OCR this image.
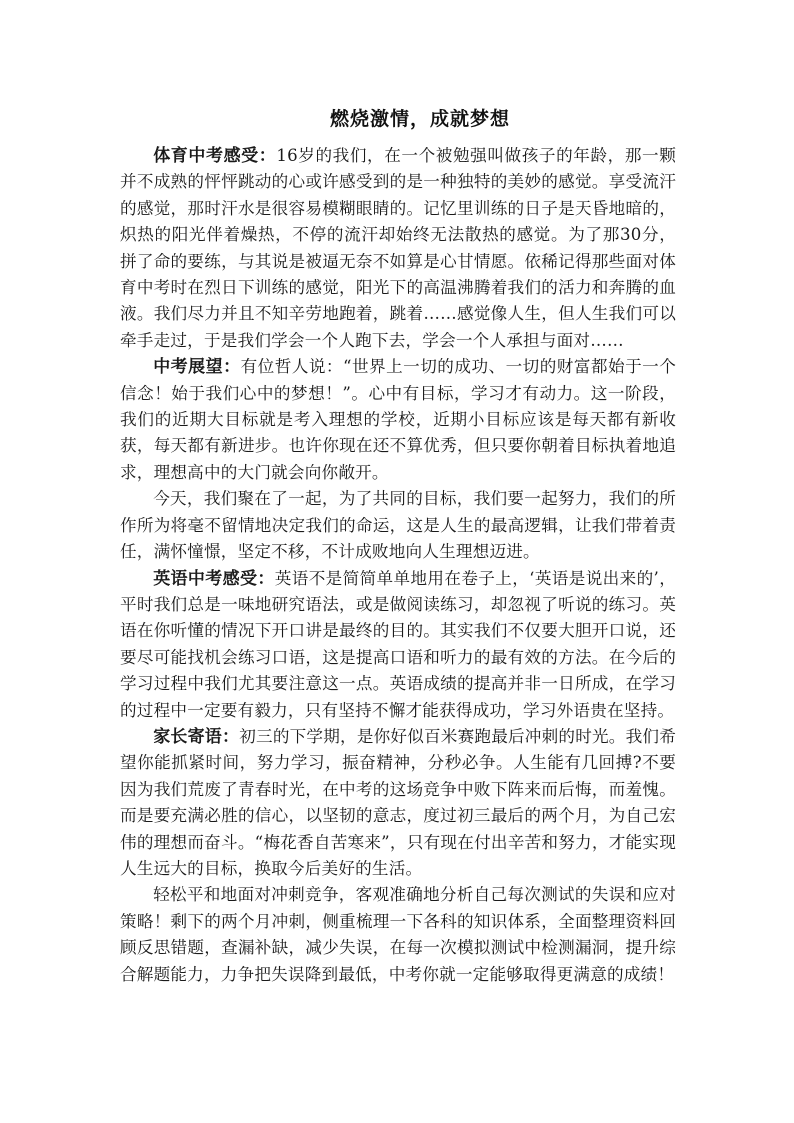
燃烧激情，成就梦想

体育中考感受：16岁的我们，在一个被勉强叫做孩子的年龄，那一颗并不成熟的怦怦跳动的心或许感受到的是一种独特的美妙的感觉。享受流汗的感觉，那时汗水是很容易模糊眼睛的。记忆里训练的日子是天昏地暗的，炽热的阳光伴着燥热，不停的流汗却始终无法散热的感觉。为了那30分，拼了命的要练，与其说是被逼无奈不如算是心甘情愿。依稀记得那些面对体育中考时在烈日下训练的感觉，阳光下的高温沸腾着我们的活力和奔腾的血液。我们尽力并且不知辛劳地跑着，跳着……感觉像人生，但人生我们可以牵手走过，于是我们学会一个人跑下去，学会一个人承担与面对……

中考展望：有位哲人说：“世界上一切的成功、一切的财富都始于一个信念！始于我们心中的梦想！”。心中有目标，学习才有动力。这一阶段，我们的近期大目标就是考入理想的学校，近期小目标应该是每天都有新收获，每天都有新进步。也许你现在还不算优秀，但只要你朝着目标执着地追求，理想高中的大门就会向你敞开。

今天，我们聚在了一起，为了共同的目标，我们要一起努力，我们的所作所为将毫不留情地决定我们的命运，这是人生的最高逻辑，让我们带着责任，满怀憧憬，坚定不移，不计成败地向人生理想迈进。

英语中考感受：英语不是简简单单地用在卷子上，‘英语是说出来的’，平时我们总是一味地研究语法，或是做阅读练习，却忽视了听说的练习。英语在你听懂的情况下开口讲是最终的目的。其实我们不仅要大胆开口说，还要尽可能找机会练习口语，这是提高口语和听力的最有效的方法。在今后的学习过程中我们尤其要注意这一点。英语成绩的提高并非一日所成，在学习的过程中一定要有毅力，只有坚持不懈才能获得成功，学习外语贵在坚持。

家长寄语：初三的下学期，是你好似百米赛跑最后冲刺的时光。我们希望你能抓紧时间，努力学习，振奋精神，分秒必争。人生能有几回搏?不要因为我们荒废了青春时光，在中考的这场竞争中败下阵来而后悔，而羞愧。而是要充满必胜的信心，以坚韧的意志，度过初三最后的两个月，为自己宏伟的理想而奋斗。“梅花香自苦寒来”，只有现在付出辛苦和努力，才能实现人生远大的目标，换取今后美好的生活。

轻松平和地面对冲刺竞争，客观准确地分析自己每次测试的失误和应对策略！剩下的两个月冲刺，侧重梳理一下各科的知识体系，全面整理资料回顾反思错题，查漏补缺，减少失误，在每一次模拟测试中检测漏洞，提升综合解题能力，力争把失误降到最低，中考你就一定能够取得更满意的成绩！
